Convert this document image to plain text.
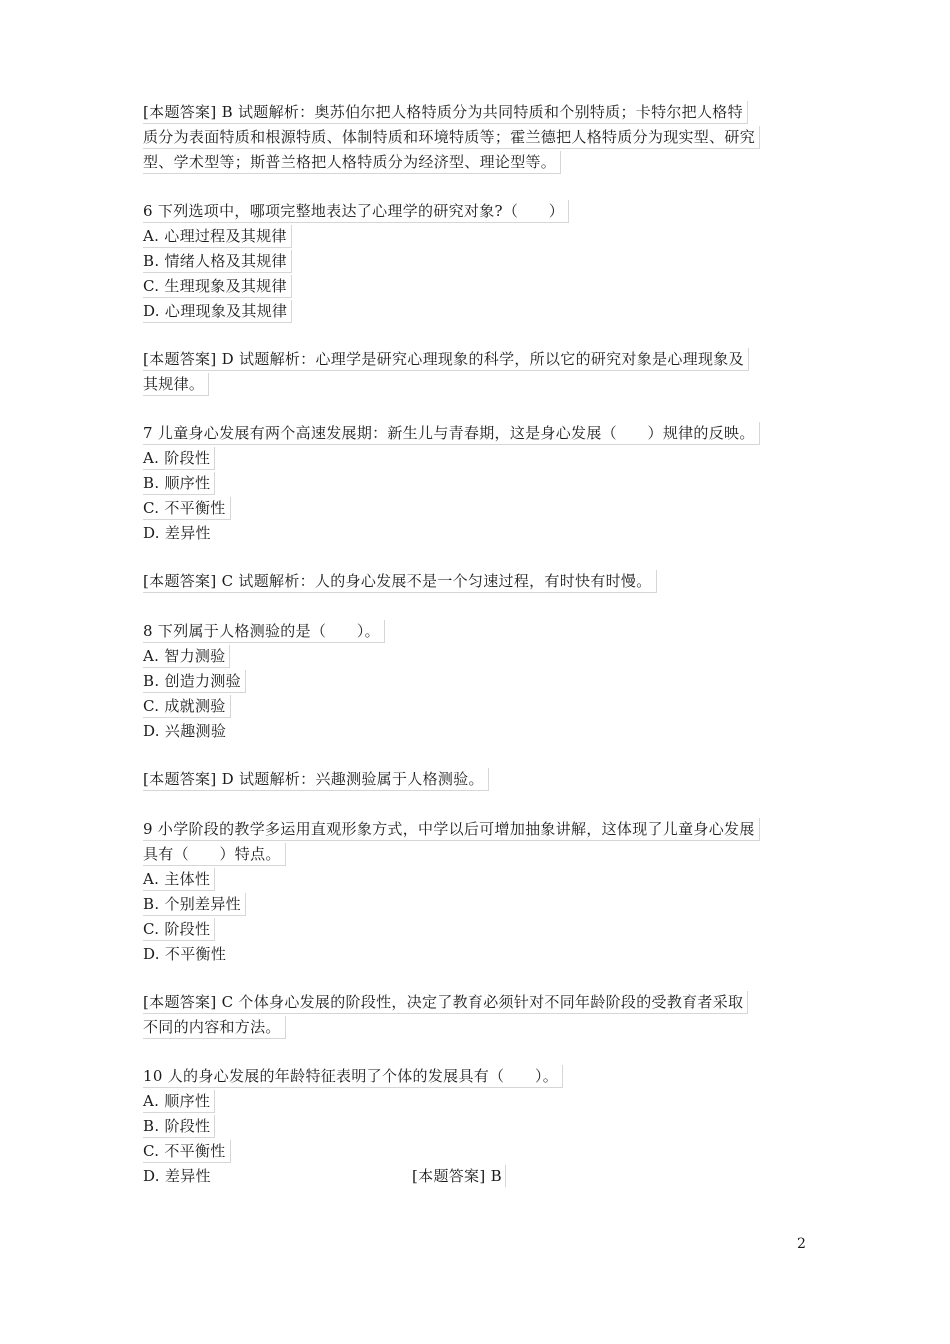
[本题答案] B 试题解析：奥苏伯尔把人格特质分为共同特质和个别特质；卡特尔把人格特
质分为表面特质和根源特质、体制特质和环境特质等；霍兰德把人格特质分为现实型、研究
型、学术型等；斯普兰格把人格特质分为经济型、理论型等。
6 下列选项中，哪项完整地表达了心理学的研究对象?（　　）
A. 心理过程及其规律
B. 情绪人格及其规律
C. 生理现象及其规律
D. 心理现象及其规律
[本题答案] D 试题解析：心理学是研究心理现象的科学，所以它的研究对象是心理现象及
其规律。
7 儿童身心发展有两个高速发展期：新生儿与青春期，这是身心发展（　　）规律的反映。
A. 阶段性
B. 顺序性
C. 不平衡性
D. 差异性
[本题答案] C 试题解析：人的身心发展不是一个匀速过程，有时快有时慢。
8 下列属于人格测验的是（　　）。
A. 智力测验
B. 创造力测验
C. 成就测验
D. 兴趣测验
[本题答案] D 试题解析：兴趣测验属于人格测验。
9 小学阶段的教学多运用直观形象方式，中学以后可增加抽象讲解，这体现了儿童身心发展
具有（　　）特点。
A. 主体性
B. 个别差异性
C. 阶段性
D. 不平衡性
[本题答案] C 个体身心发展的阶段性，决定了教育必须针对不同年龄阶段的受教育者采取
不同的内容和方法。
10 人的身心发展的年龄特征表明了个体的发展具有（　　）。
A. 顺序性
B. 阶段性
C. 不平衡性
D. 差异性	[本题答案] B
2
